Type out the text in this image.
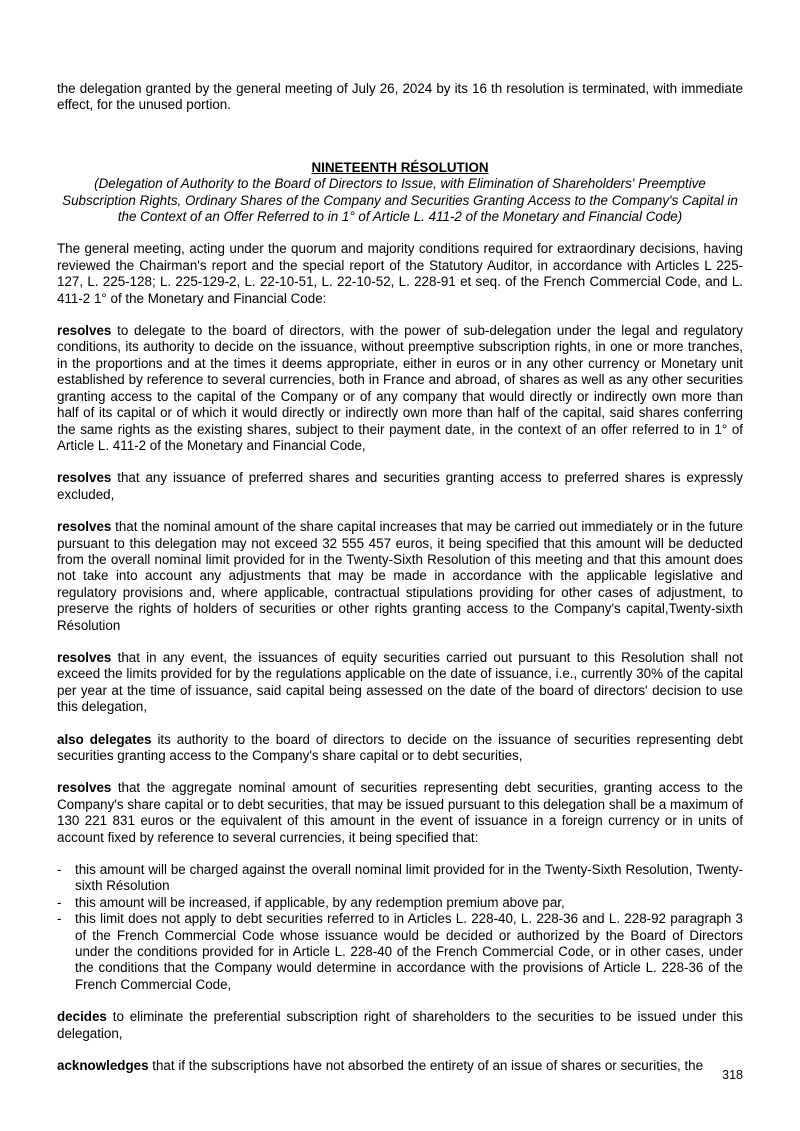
the delegation granted by the general meeting of July 26, 2024 by its 16 th resolution is terminated, with immediate effect, for the unused portion.

NINETEENTH RÉSOLUTION
(Delegation of Authority to the Board of Directors to Issue, with Elimination of Shareholders' Preemptive Subscription Rights, Ordinary Shares of the Company and Securities Granting Access to the Company's Capital in the Context of an Offer Referred to in 1° of Article L. 411-2 of the Monetary and Financial Code)

The general meeting, acting under the quorum and majority conditions required for extraordinary decisions, having reviewed the Chairman's report and the special report of the Statutory Auditor, in accordance with Articles L 225-127, L. 225-128; L. 225-129-2, L. 22-10-51, L. 22-10-52, L. 228-91 et seq. of the French Commercial Code, and L. 411-2 1° of the Monetary and Financial Code:

resolves to delegate to the board of directors, with the power of sub-delegation under the legal and regulatory conditions, its authority to decide on the issuance, without preemptive subscription rights, in one or more tranches, in the proportions and at the times it deems appropriate, either in euros or in any other currency or Monetary unit established by reference to several currencies, both in France and abroad, of shares as well as any other securities granting access to the capital of the Company or of any company that would directly or indirectly own more than half of its capital or of which it would directly or indirectly own more than half of the capital, said shares conferring the same rights as the existing shares, subject to their payment date, in the context of an offer referred to in 1° of Article L. 411-2 of the Monetary and Financial Code,

resolves that any issuance of preferred shares and securities granting access to preferred shares is expressly excluded,

resolves that the nominal amount of the share capital increases that may be carried out immediately or in the future pursuant to this delegation may not exceed 32 555 457 euros, it being specified that this amount will be deducted from the overall nominal limit provided for in the Twenty-Sixth Resolution of this meeting and that this amount does not take into account any adjustments that may be made in accordance with the applicable legislative and regulatory provisions and, where applicable, contractual stipulations providing for other cases of adjustment, to preserve the rights of holders of securities or other rights granting access to the Company's capital,Twenty-sixth Résolution

resolves that in any event, the issuances of equity securities carried out pursuant to this Resolution shall not exceed the limits provided for by the regulations applicable on the date of issuance, i.e., currently 30% of the capital per year at the time of issuance, said capital being assessed on the date of the board of directors' decision to use this delegation,

also delegates its authority to the board of directors to decide on the issuance of securities representing debt securities granting access to the Company's share capital or to debt securities,

resolves that the aggregate nominal amount of securities representing debt securities, granting access to the Company's share capital or to debt securities, that may be issued pursuant to this delegation shall be a maximum of 130 221 831 euros or the equivalent of this amount in the event of issuance in a foreign currency or in units of account fixed by reference to several currencies, it being specified that:

- this amount will be charged against the overall nominal limit provided for in the Twenty-Sixth Resolution, Twenty-sixth Résolution
- this amount will be increased, if applicable, by any redemption premium above par,
- this limit does not apply to debt securities referred to in Articles L. 228-40, L. 228-36 and L. 228-92 paragraph 3 of the French Commercial Code whose issuance would be decided or authorized by the Board of Directors under the conditions provided for in Article L. 228-40 of the French Commercial Code, or in other cases, under the conditions that the Company would determine in accordance with the provisions of Article L. 228-36 of the French Commercial Code,

decides to eliminate the preferential subscription right of shareholders to the securities to be issued under this delegation,

acknowledges that if the subscriptions have not absorbed the entirety of an issue of shares or securities, the

318
